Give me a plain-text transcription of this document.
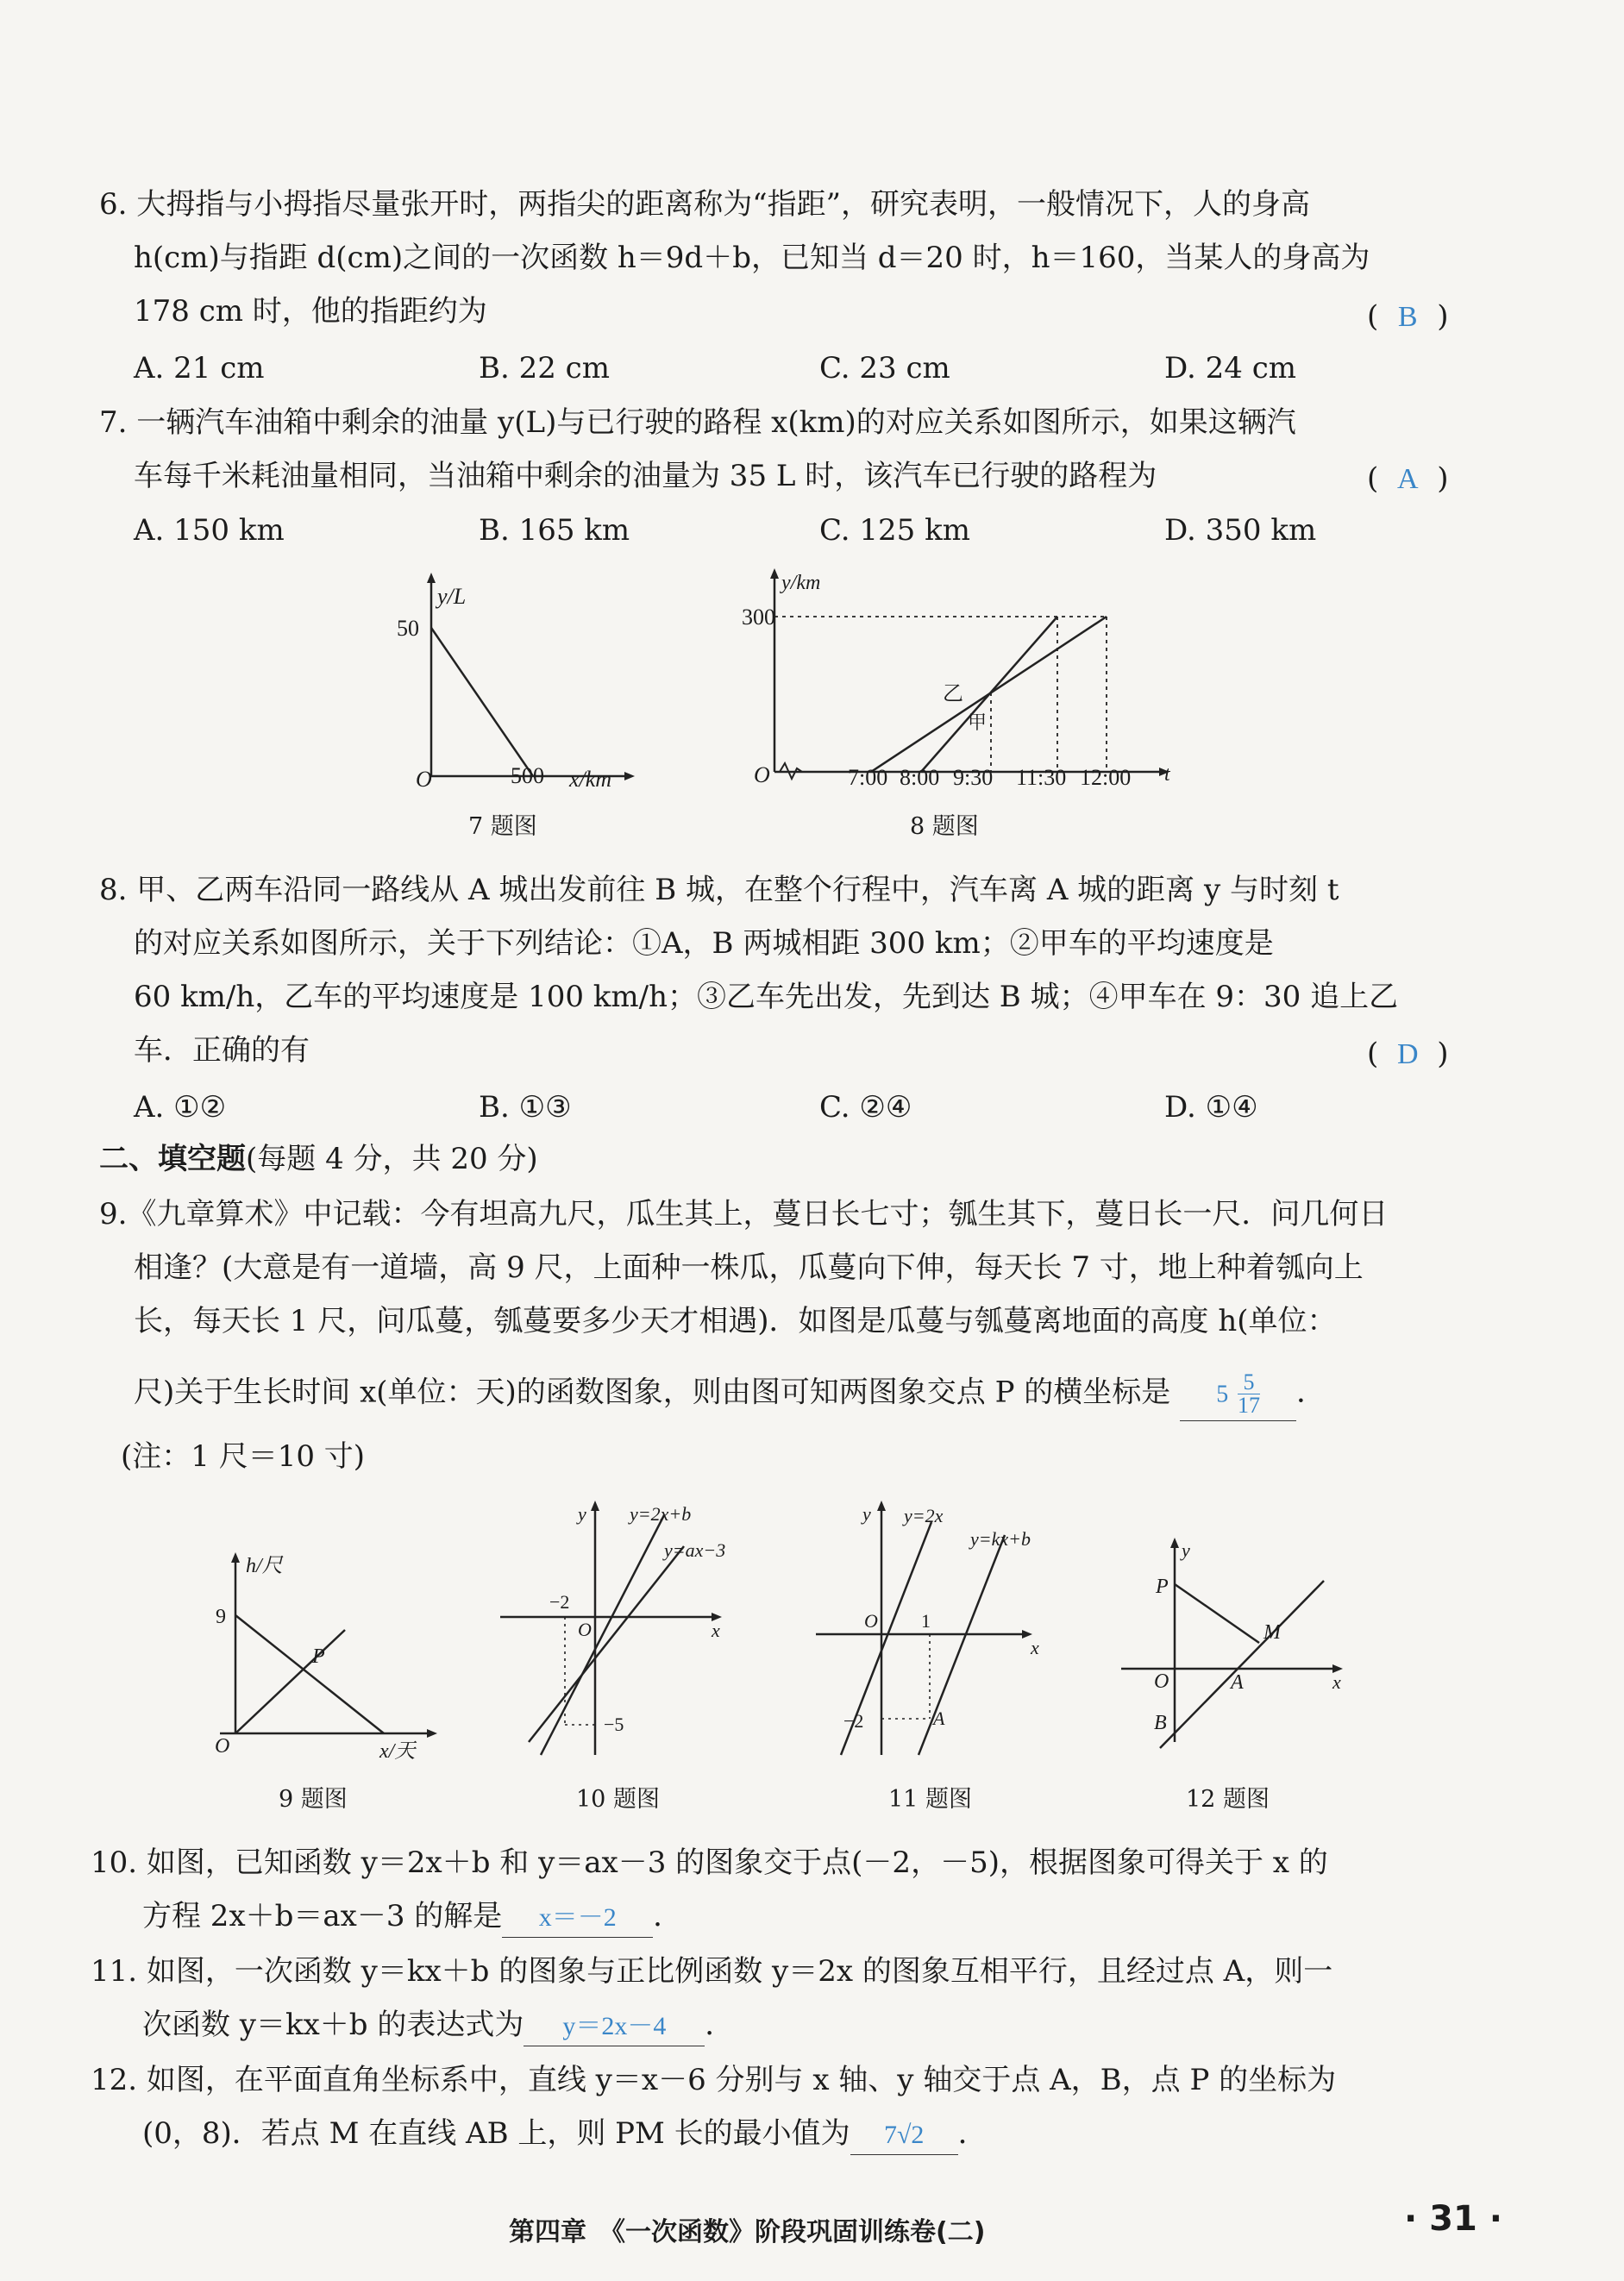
6. 大拇指与小拇指尽量张开时，两指尖的距离称为“指距”，研究表明，一般情况下，人的身高
h(cm)与指距 d(cm)之间的一次函数 h＝9d＋b，已知当 d＝20 时，h＝160，当某人的身高为
178 cm 时，他的指距约为	( B )
A. 21 cm	B. 22 cm	C. 23 cm	D. 24 cm
7. 一辆汽车油箱中剩余的油量 y(L)与已行驶的路程 x(km)的对应关系如图所示，如果这辆汽
车每千米耗油量相同，当油箱中剩余的油量为 35 L 时，该汽车已行驶的路程为	( A )
A. 150 km	B. 165 km	C. 125 km	D. 350 km
y/L
50
500 x/km
O
7 题图
y/km
300
乙
甲
7:00 8:00 9:30 11:30 12:00 t
O
8 题图
8. 甲、乙两车沿同一路线从 A 城出发前往 B 城，在整个行程中，汽车离 A 城的距离 y 与时刻 t
的对应关系如图所示，关于下列结论：①A，B 两城相距 300 km；②甲车的平均速度是
60 km/h，乙车的平均速度是 100 km/h；③乙车先出发，先到达 B 城；④甲车在 9：30 追上乙
车．正确的有	( D )
A. ①②	B. ①③	C. ②④	D. ①④
二、填空题(每题 4 分，共 20 分)
9.《九章算术》中记载：今有坦高九尺，瓜生其上，蔓日长七寸；瓠生其下，蔓日长一尺．问几何日
相逢？(大意是有一道墙，高 9 尺，上面种一株瓜，瓜蔓向下伸，每天长 7 寸，地上种着瓠向上
长，每天长 1 尺，问瓜蔓，瓠蔓要多少天才相遇)．如图是瓜蔓与瓠蔓离地面的高度 h(单位：
尺)关于生长时间 x(单位：天)的函数图象，则由图可知两图象交点 P 的横坐标是 $5 \frac{5}{17}$ ．
(注：1 尺＝10 寸)
h/尺
9
P
O	x/天
9 题图
y=2x+b
y=ax−3
−2
−5
O	x
y
10 题图
y=2x
y=kx+b
1
−2	A
O
x
y
11 题图
y
P
M
A
B
O	x
12 题图
10. 如图，已知函数 y＝2x＋b 和 y＝ax－3 的图象交于点(－2，－5)，根据图象可得关于 x 的
方程 2x＋b＝ax－3 的解是 x＝－2 ．
11. 如图，一次函数 y＝kx＋b 的图象与正比例函数 y＝2x 的图象互相平行，且经过点 A，则一
次函数 y＝kx＋b 的表达式为 y＝2x－4 ．
12. 如图，在平面直角坐标系中，直线 y＝x－6 分别与 x 轴、y 轴交于点 A，B，点 P 的坐标为
(0，8)．若点 M 在直线 AB 上，则 PM 长的最小值为 7√2 ．
第四章　《一次函数》阶段巩固训练卷(二)	· 31 ·
